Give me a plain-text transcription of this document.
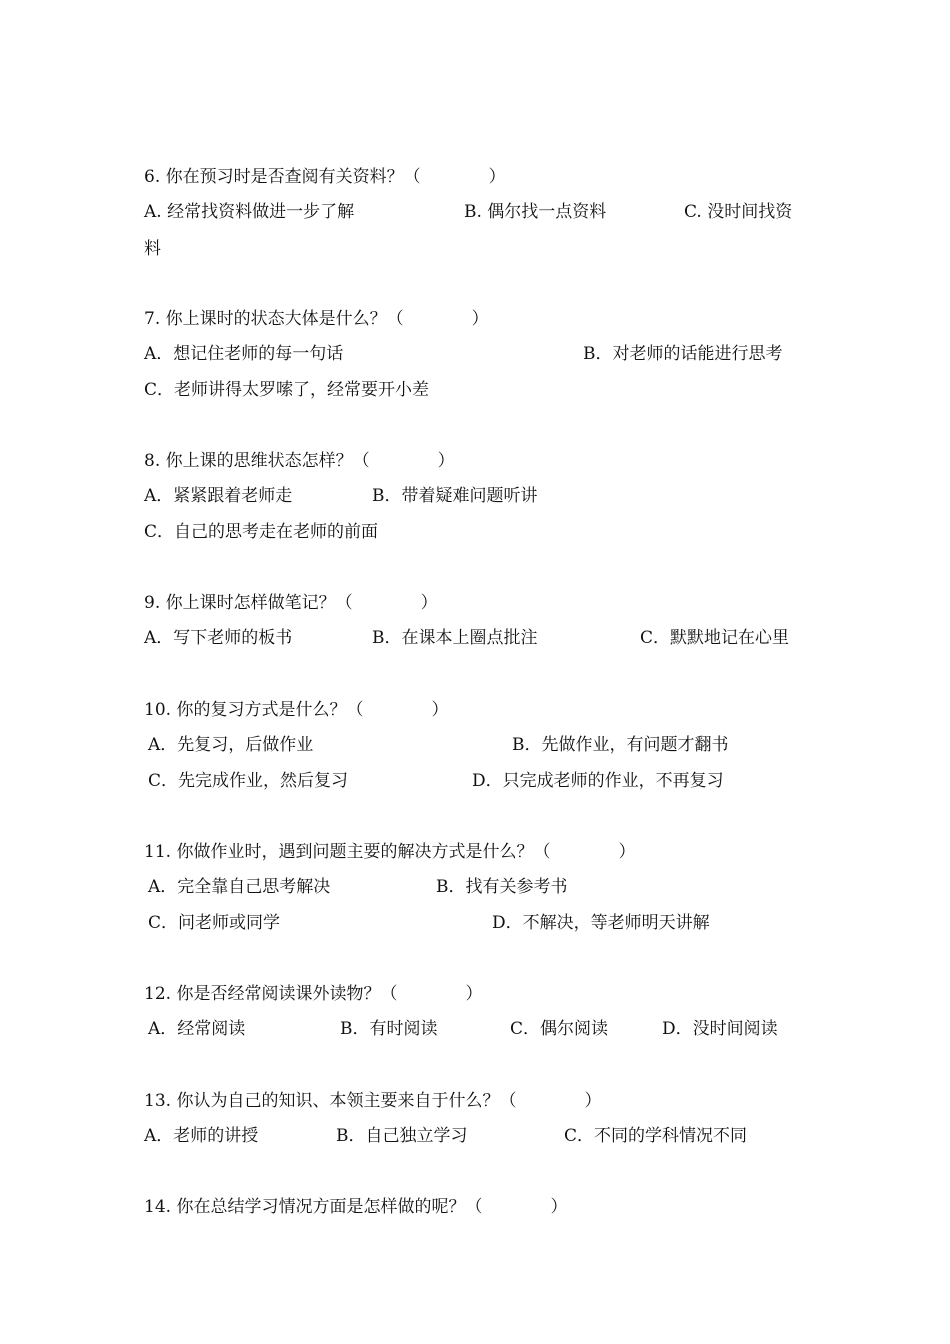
6. 你在预习时是否查阅有关资料？（　　　　）
A. 经常找资料做进一步了解	B. 偶尔找一点资料	C. 没时间找资
料
7. 你上课时的状态大体是什么？（　　　　）
A．想记住老师的每一句话	B．对老师的话能进行思考
C．老师讲得太罗嗦了，经常要开小差
8. 你上课的思维状态怎样？（　　　　）
A．紧紧跟着老师走	B．带着疑难问题听讲
C．自己的思考走在老师的前面
9. 你上课时怎样做笔记？（　　　　）
A．写下老师的板书	B．在课本上圈点批注	C．默默地记在心里
10. 你的复习方式是什么？（　　　　）
A．先复习，后做作业	B．先做作业，有问题才翻书
C．先完成作业，然后复习	D．只完成老师的作业，不再复习
11. 你做作业时，遇到问题主要的解决方式是什么？（　　　　）
A．完全靠自己思考解决	B．找有关参考书
C．问老师或同学	D．不解决，等老师明天讲解
12. 你是否经常阅读课外读物？（　　　　）
A．经常阅读	B．有时阅读	C．偶尔阅读	D．没时间阅读
13. 你认为自己的知识、本领主要来自于什么？（　　　　）
A．老师的讲授	B．自己独立学习	C．不同的学科情况不同
14. 你在总结学习情况方面是怎样做的呢？（　　　　）
